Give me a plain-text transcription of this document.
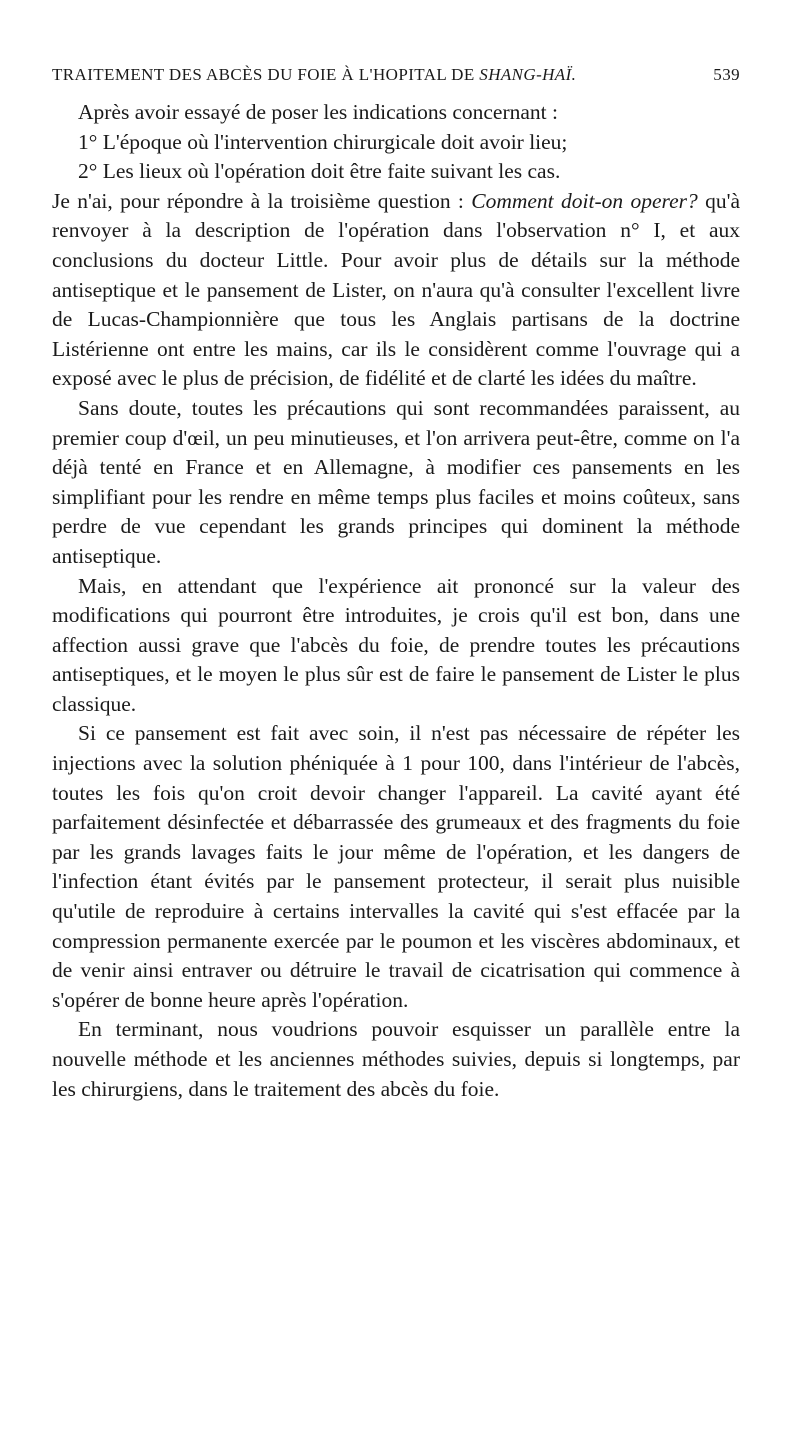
TRAITEMENT DES ABCÈS DU FOIE À L'HOPITAL DE SHANG-HAÏ.	539

Après avoir essayé de poser les indications concernant :

1° L'époque où l'intervention chirurgicale doit avoir lieu;

2° Les lieux où l'opération doit être faite suivant les cas.

Je n'ai, pour répondre à la troisième question : Comment doit-on operer? qu'à renvoyer à la description de l'opération dans l'observation n° I, et aux conclusions du docteur Little. Pour avoir plus de détails sur la méthode antiseptique et le pansement de Lister, on n'aura qu'à consulter l'excellent livre de Lucas-Championnière que tous les Anglais partisans de la doctrine Listérienne ont entre les mains, car ils le considèrent comme l'ouvrage qui a exposé avec le plus de précision, de fidélité et de clarté les idées du maître.

Sans doute, toutes les précautions qui sont recommandées paraissent, au premier coup d'œil, un peu minutieuses, et l'on arrivera peut-être, comme on l'a déjà tenté en France et en Allemagne, à modifier ces pansements en les simplifiant pour les rendre en même temps plus faciles et moins coûteux, sans perdre de vue cependant les grands principes qui dominent la méthode antiseptique.

Mais, en attendant que l'expérience ait prononcé sur la valeur des modifications qui pourront être introduites, je crois qu'il est bon, dans une affection aussi grave que l'abcès du foie, de prendre toutes les précautions antiseptiques, et le moyen le plus sûr est de faire le pansement de Lister le plus classique.

Si ce pansement est fait avec soin, il n'est pas nécessaire de répéter les injections avec la solution phéniquée à 1 pour 100, dans l'intérieur de l'abcès, toutes les fois qu'on croit devoir changer l'appareil. La cavité ayant été parfaitement désinfectée et débarrassée des grumeaux et des fragments du foie par les grands lavages faits le jour même de l'opération, et les dangers de l'infection étant évités par le pansement protecteur, il serait plus nuisible qu'utile de reproduire à certains intervalles la cavité qui s'est effacée par la compression permanente exercée par le poumon et les viscères abdominaux, et de venir ainsi entraver ou détruire le travail de cicatrisation qui commence à s'opérer de bonne heure après l'opération.

En terminant, nous voudrions pouvoir esquisser un parallèle entre la nouvelle méthode et les anciennes méthodes suivies, depuis si longtemps, par les chirurgiens, dans le traitement des abcès du foie.
